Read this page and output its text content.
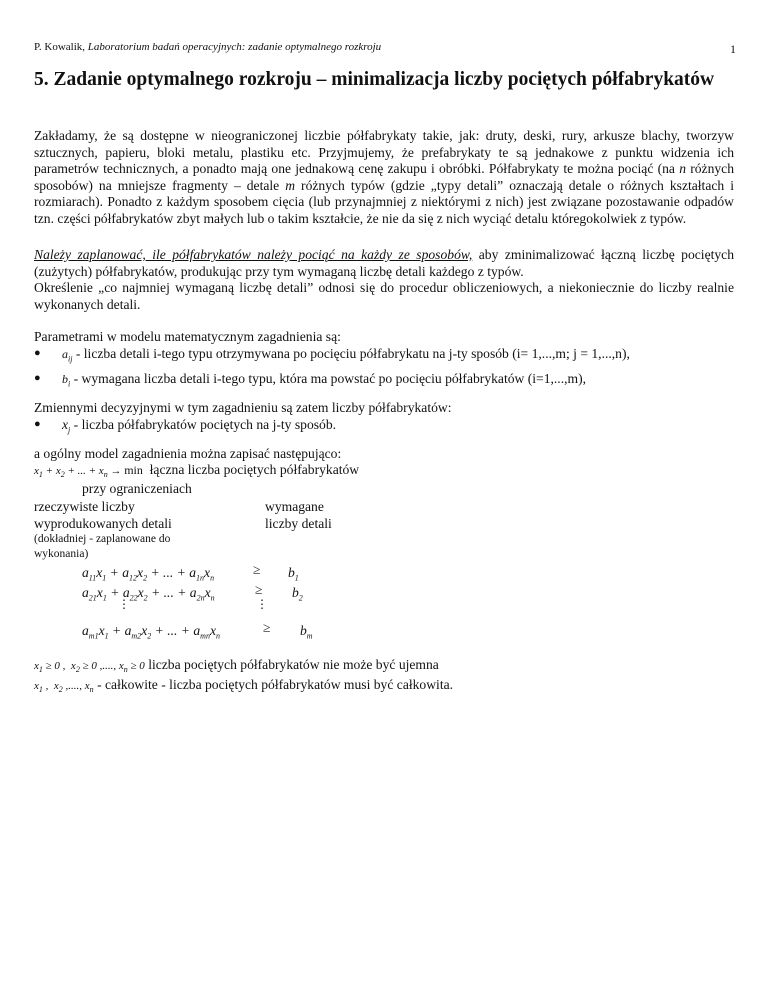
P. Kowalik, Laboratorium badań operacyjnych: zadanie optymalnego rozkroju	1
5. Zadanie optymalnego rozkroju – minimalizacja liczby pociętych półfabrykatów

Zakładamy, że są dostępne w nieograniczonej liczbie półfabrykaty takie, jak: druty, deski, rury, arkusze blachy, tworzyw sztucznych, papieru, bloki metalu, plastiku etc. Przyjmujemy, że prefabrykaty te są jednakowe z punktu widzenia ich parametrów technicznych, a ponadto mają one jednakową cenę zakupu i obróbki. Półfabrykaty te można pociąć (na n różnych sposobów) na mniejsze fragmenty – detale m różnych typów (gdzie „typy detali” oznaczają detale o różnych kształtach i rozmiarach). Ponadto z każdym sposobem cięcia (lub przynajmniej z niektórymi z nich) jest związane pozostawanie odpadów tzn. części półfabrykatów zbyt małych lub o takim kształcie, że nie da się z nich wyciąć detalu któregokolwiek z typów.

Należy zaplanować, ile półfabrykatów należy pociąć na każdy ze sposobów, aby zminimalizować łączną liczbę pociętych (zużytych) półfabrykatów, produkując przy tym wymaganą liczbę detali każdego z typów.

Określenie „co najmniej wymaganą liczbę detali” odnosi się do procedur obliczeniowych, a niekoniecznie do liczby realnie wykonanych detali.

Parametrami w modelu matematycznym zagadnienia są:
● $a_{ij}$ - liczba detali i-tego typu otrzymywana po pocięciu półfabrykatu na j-ty sposób (i= 1,...,m; j = 1,...,n),
● $b_i$ - wymagana liczba detali i-tego typu, która ma powstać po pocięciu półfabrykatów (i=1,...,m),
Zmiennymi decyzyjnymi w tym zagadnieniu są zatem liczby półfabrykatów:
● $x_j$ - liczba półfabrykatów pociętych na j-ty sposób.
a ogólny model zagadnienia można zapisać następująco:
$x_1 + x_2$ + ... + $x_n \to \min$ łączna liczba pociętych półfabrykatów
przy ograniczeniach
rzeczywiste liczby
wyprodukowanych detali
(dokładniej - zaplanowane do
wykonania)
wymagane
liczby detali
$a_{11}x_1 + a_{12}x_2$ + ... + $a_{1n}x_n$
≥ $b_1$
$a_{21}x_1 + a_{22}x_2$ + ... + $a_{2n}x_n$
≥ $b_2$
⋮	⋮
$a_{m1}x_1 + a_{m2}x_2$ + ... + $a_{mn}x_n$
≥ $b_m$
$x_1 \ge 0$ ,  $x_2 \ge 0$ ,...., $x_n \ge 0$ liczba pociętych półfabrykatów nie może być ujemna
$x_1$ ,  $x_2$ ,...., $x_n$ - całkowite - liczba pociętych półfabrykatów musi być całkowita.
